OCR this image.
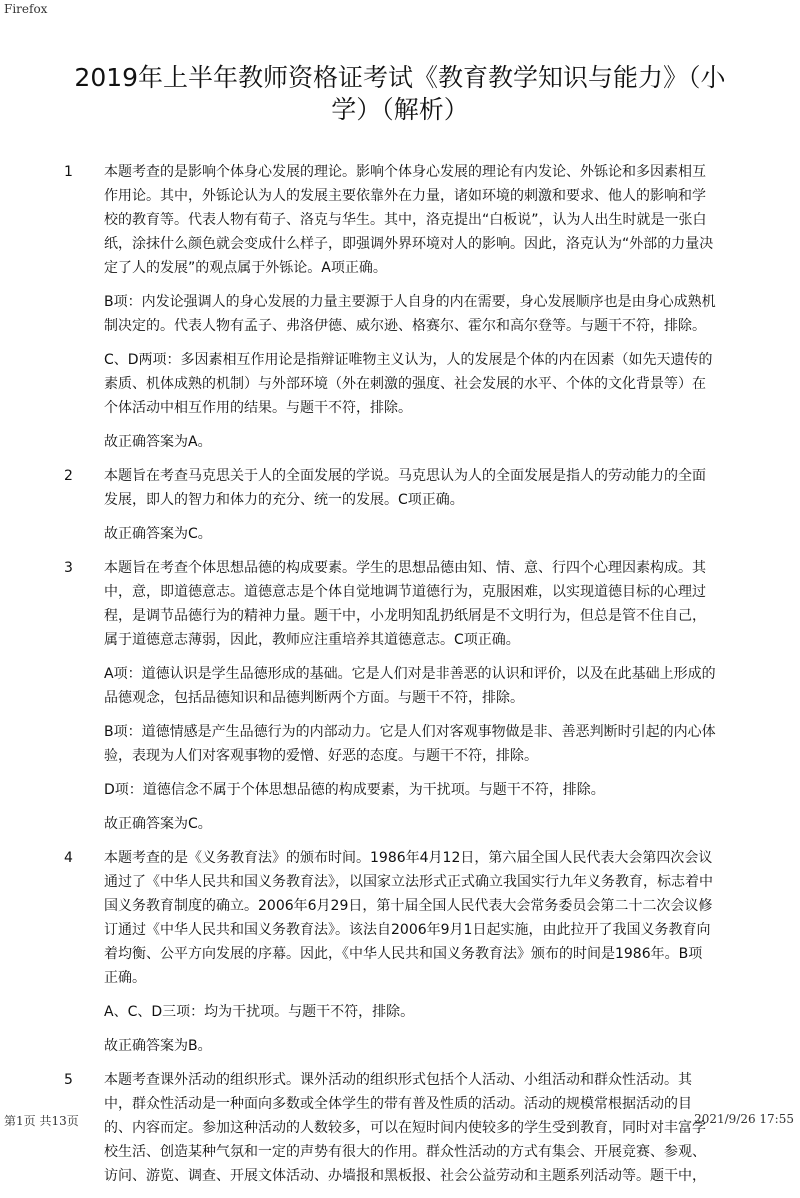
Firefox
2019年上半年教师资格证考试《教育教学知识与能力》（小学）（解析）
1 本题考查的是影响个体身心发展的理论。影响个体身心发展的理论有内发论、外铄论和多因素相互作用论。其中，外铄论认为人的发展主要依靠外在力量，诸如环境的刺激和要求、他人的影响和学校的教育等。代表人物有荀子、洛克与华生。其中，洛克提出“白板说”，认为人出生时就是一张白纸，涂抹什么颜色就会变成什么样子，即强调外界环境对人的影响。因此，洛克认为“外部的力量决定了人的发展”的观点属于外铄论。A项正确。

B项：内发论强调人的身心发展的力量主要源于人自身的内在需要，身心发展顺序也是由身心成熟机制决定的。代表人物有孟子、弗洛伊德、威尔逊、格赛尔、霍尔和高尔登等。与题干不符，排除。

C、D两项：多因素相互作用论是指辩证唯物主义认为，人的发展是个体的内在因素（如先天遗传的素质、机体成熟的机制）与外部环境（外在刺激的强度、社会发展的水平、个体的文化背景等）在个体活动中相互作用的结果。与题干不符，排除。

故正确答案为A。

2 本题旨在考查马克思关于人的全面发展的学说。马克思认为人的全面发展是指人的劳动能力的全面发展，即人的智力和体力的充分、统一的发展。C项正确。

故正确答案为C。

3 本题旨在考查个体思想品德的构成要素。学生的思想品德由知、情、意、行四个心理因素构成。其中，意，即道德意志。道德意志是个体自觉地调节道德行为，克服困难，以实现道德目标的心理过程，是调节品德行为的精神力量。题干中，小龙明知乱扔纸屑是不文明行为，但总是管不住自己，属于道德意志薄弱，因此，教师应注重培养其道德意志。C项正确。

A项：道德认识是学生品德形成的基础。它是人们对是非善恶的认识和评价，以及在此基础上形成的品德观念，包括品德知识和品德判断两个方面。与题干不符，排除。

B项：道德情感是产生品德行为的内部动力。它是人们对客观事物做是非、善恶判断时引起的内心体验，表现为人们对客观事物的爱憎、好恶的态度。与题干不符，排除。

D项：道德信念不属于个体思想品德的构成要素，为干扰项。与题干不符，排除。

故正确答案为C。

4 本题考查的是《义务教育法》的颁布时间。1986年4月12日，第六届全国人民代表大会第四次会议通过了《中华人民共和国义务教育法》，以国家立法形式正式确立我国实行九年义务教育，标志着中国义务教育制度的确立。2006年6月29日，第十届全国人民代表大会常务委员会第二十二次会议修订通过《中华人民共和国义务教育法》。该法自2006年9月1日起实施，由此拉开了我国义务教育向着均衡、公平方向发展的序幕。因此，《中华人民共和国义务教育法》颁布的时间是1986年。B项正确。

A、C、D三项：均为干扰项。与题干不符，排除。

故正确答案为B。

5 本题考查课外活动的组织形式。课外活动的组织形式包括个人活动、小组活动和群众性活动。其中，群众性活动是一种面向多数或全体学生的带有普及性质的活动。活动的规模常根据活动的目的、内容而定。参加这种活动的人数较多，可以在短时间内使较多的学生受到教育，同时对丰富学校生活、创造某种气氛和一定的声势有很大的作用。群众性活动的方式有集会、开展竞赛、参观、访问、游览、调查、开展文体活动、办墙报和黑板报、社会公益劳动和主题系列活动等。题干中，

第1页 共13页	2021/9/26 17:55
